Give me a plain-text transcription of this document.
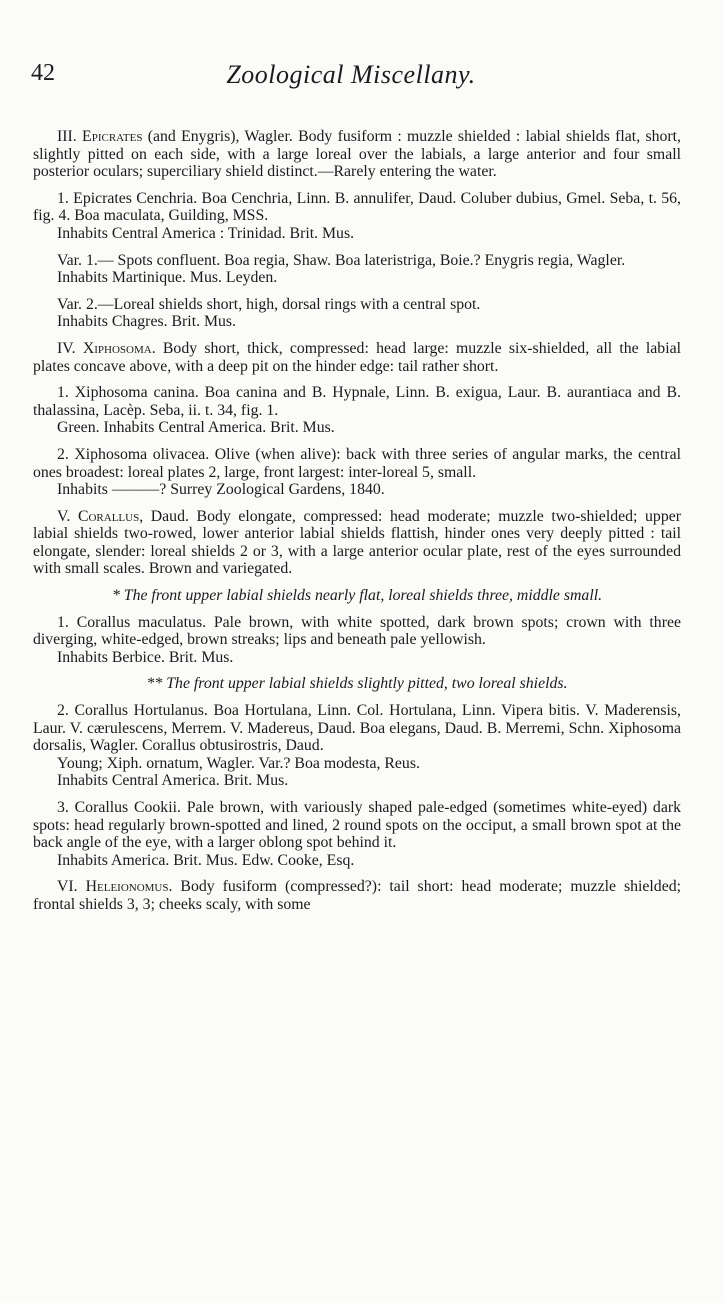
42	Zoological Miscellany.

III. Epicrates (and Enygris), Wagler. Body fusiform : muzzle shielded : labial shields flat, short, slightly pitted on each side, with a large loreal over the labials, a large anterior and four small posterior oculars; superciliary shield distinct.—Rarely entering the water.

1. Epicrates Cenchria. Boa Cenchria, Linn. B. annulifer, Daud. Coluber dubius, Gmel. Seba, t. 56, fig. 4. Boa maculata, Guilding, MSS.

Inhabits Central America : Trinidad. Brit. Mus.

Var. 1.— Spots confluent. Boa regia, Shaw. Boa lateristriga, Boie.? Enygris regia, Wagler.

Inhabits Martinique. Mus. Leyden.

Var. 2.—Loreal shields short, high, dorsal rings with a central spot.

Inhabits Chagres. Brit. Mus.

IV. Xiphosoma. Body short, thick, compressed: head large: muzzle six-shielded, all the labial plates concave above, with a deep pit on the hinder edge: tail rather short.

1. Xiphosoma canina. Boa canina and B. Hypnale, Linn. B. exigua, Laur. B. aurantiaca and B. thalassina, Lacèp. Seba, ii. t. 34, fig. 1.

Green. Inhabits Central America. Brit. Mus.

2. Xiphosoma olivacea. Olive (when alive): back with three series of angular marks, the central ones broadest: loreal plates 2, large, front largest: inter-loreal 5, small.

Inhabits ———? Surrey Zoological Gardens, 1840.

V. Corallus, Daud. Body elongate, compressed: head moderate; muzzle two-shielded; upper labial shields two-rowed, lower anterior labial shields flattish, hinder ones very deeply pitted : tail elongate, slender: loreal shields 2 or 3, with a large anterior ocular plate, rest of the eyes surrounded with small scales. Brown and variegated.

* The front upper labial shields nearly flat, loreal shields three, middle small.

1. Corallus maculatus. Pale brown, with white spotted, dark brown spots; crown with three diverging, white-edged, brown streaks; lips and beneath pale yellowish.

Inhabits Berbice. Brit. Mus.

** The front upper labial shields slightly pitted, two loreal shields.

2. Corallus Hortulanus. Boa Hortulana, Linn. Col. Hortulana, Linn. Vipera bitis. V. Maderensis, Laur. V. cærulescens, Merrem. V. Madereus, Daud. Boa elegans, Daud. B. Merremi, Schn. Xiphosoma dorsalis, Wagler. Corallus obtusirostris, Daud.

Young; Xiph. ornatum, Wagler. Var.? Boa modesta, Reus.

Inhabits Central America. Brit. Mus.

3. Corallus Cookii. Pale brown, with variously shaped pale-edged (sometimes white-eyed) dark spots: head regularly brown-spotted and lined, 2 round spots on the occiput, a small brown spot at the back angle of the eye, with a larger oblong spot behind it.

Inhabits America. Brit. Mus. Edw. Cooke, Esq.

VI. Heleionomus. Body fusiform (compressed?): tail short: head moderate; muzzle shielded; frontal shields 3, 3; cheeks scaly, with some
